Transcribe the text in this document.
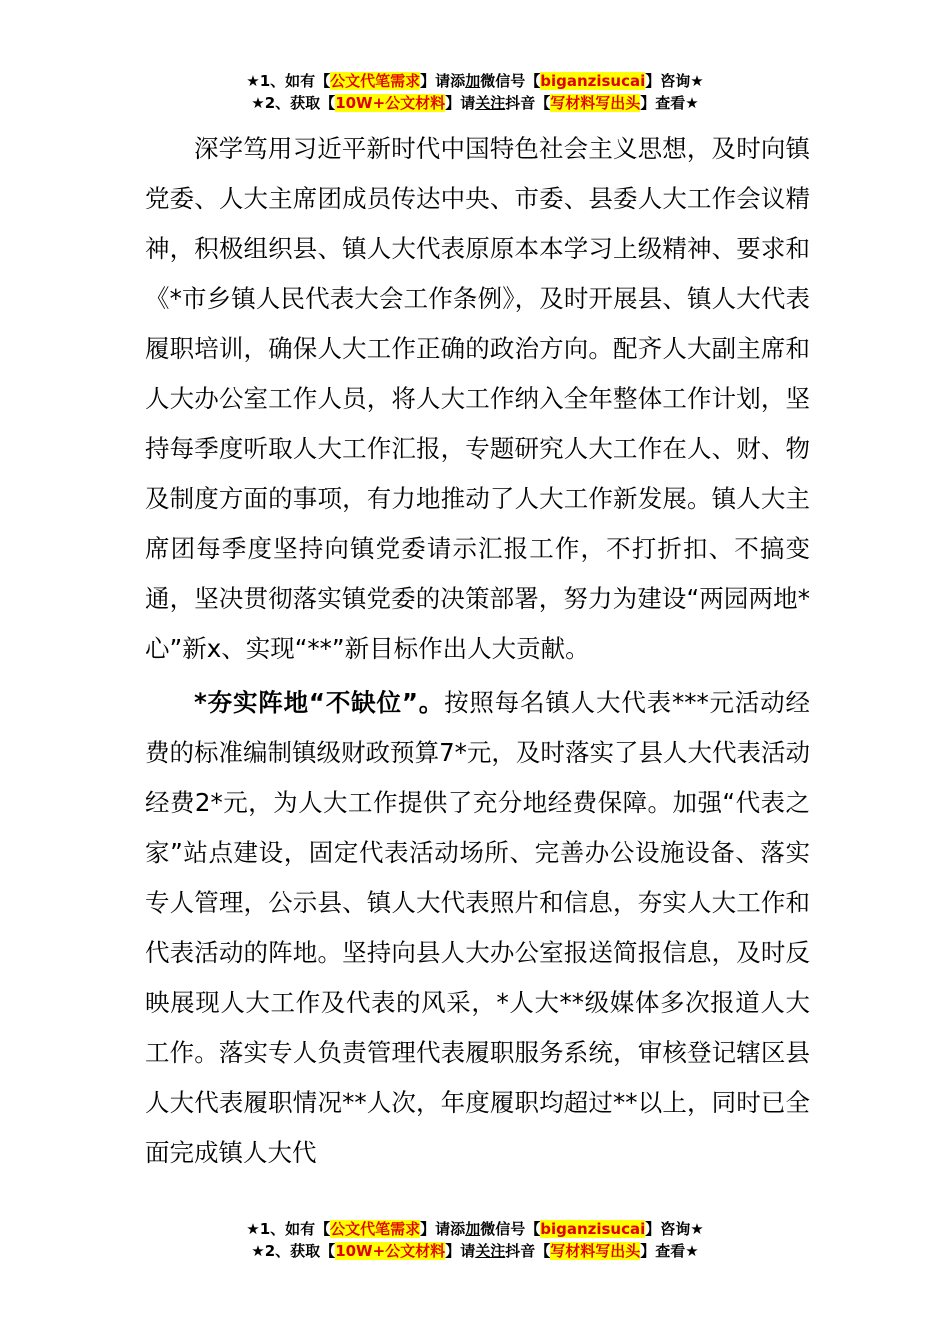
★1、如有【公文代笔需求】请添加微信号【biganzisucai】咨询★
★2、获取【10W+公文材料】请关注抖音【写材料写出头】查看★

深学笃用习近平新时代中国特色社会主义思想，及时向镇党委、人大主席团成员传达中央、市委、县委人大工作会议精神，积极组织县、镇人大代表原原本本学习上级精神、要求和《*市乡镇人民代表大会工作条例》，及时开展县、镇人大代表履职培训，确保人大工作正确的政治方向。配齐人大副主席和人大办公室工作人员，将人大工作纳入全年整体工作计划，坚持每季度听取人大工作汇报，专题研究人大工作在人、财、物及制度方面的事项，有力地推动了人大工作新发展。镇人大主席团每季度坚持向镇党委请示汇报工作，不打折扣、不搞变通，坚决贯彻落实镇党委的决策部署，努力为建设“两园两地*心”新x、实现“**”新目标作出人大贡献。

*夯实阵地“不缺位”。按照每名镇人大代表***元活动经费的标准编制镇级财政预算7*元，及时落实了县人大代表活动经费2*元，为人大工作提供了充分地经费保障。加强“代表之家”站点建设，固定代表活动场所、完善办公设施设备、落实专人管理，公示县、镇人大代表照片和信息，夯实人大工作和代表活动的阵地。坚持向县人大办公室报送简报信息，及时反映展现人大工作及代表的风采，*人大**级媒体多次报道人大工作。落实专人负责管理代表履职服务系统，审核登记辖区县人大代表履职情况**人次，年度履职均超过**以上，同时已全面完成镇人大代

★1、如有【公文代笔需求】请添加微信号【biganzisucai】咨询★
★2、获取【10W+公文材料】请关注抖音【写材料写出头】查看★
